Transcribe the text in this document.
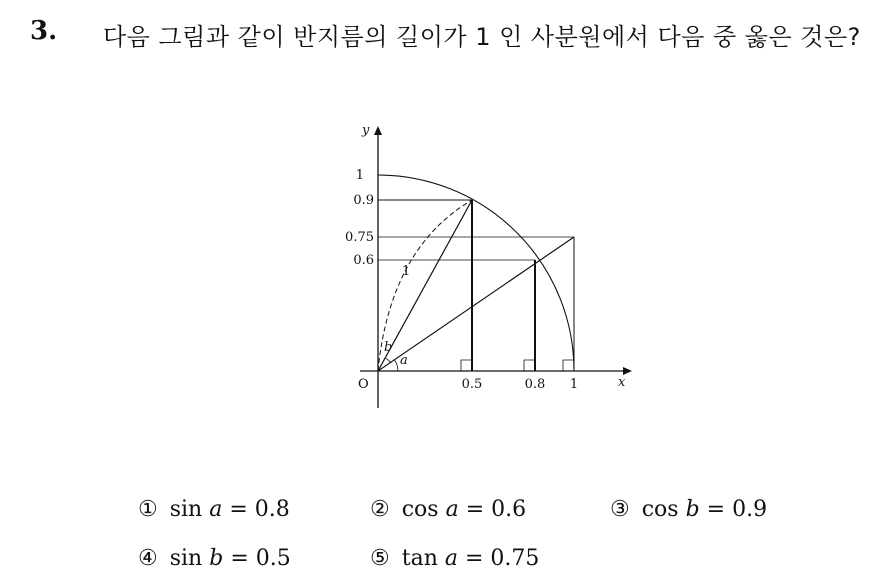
3. 다음 그림과 같이 반지름의 길이가 1 인 사분원에서 다음 중 옳은 것은?
y
x
O
1
0.9
0.75
0.6
0.5	0.8 1
1
b
a
① sin a = 0.8	② cos a = 0.6	③ cos b = 0.9
④ sin b = 0.5	⑤ tan a = 0.75
